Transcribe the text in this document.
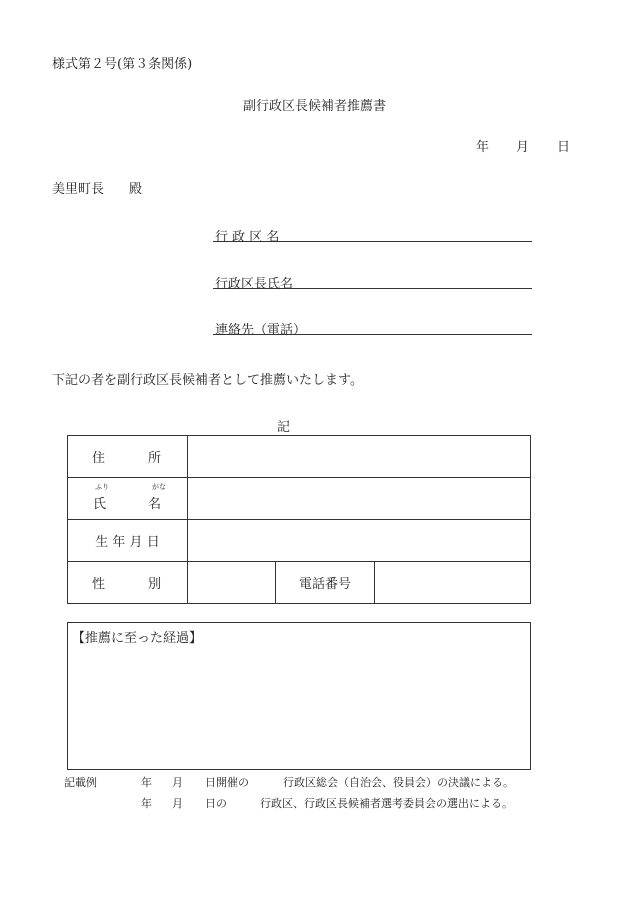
様式第２号(第３条関係)
副行政区長候補者推薦書
年 月 日
美里町長 殿
行 政 区 名
行政区長氏名
連絡先（電話）
下記の者を副行政区長候補者として推薦いたします。
記
住 所			

ふり がな
氏 名			

生 年 月 日			

性 別		電話番号	
【推薦に至った経過】
記載例	年 月 日開催の	行政区総会（自治会、役員会）の決議による。
年 月 日の	行政区、行政区長候補者選考委員会の選出による。
